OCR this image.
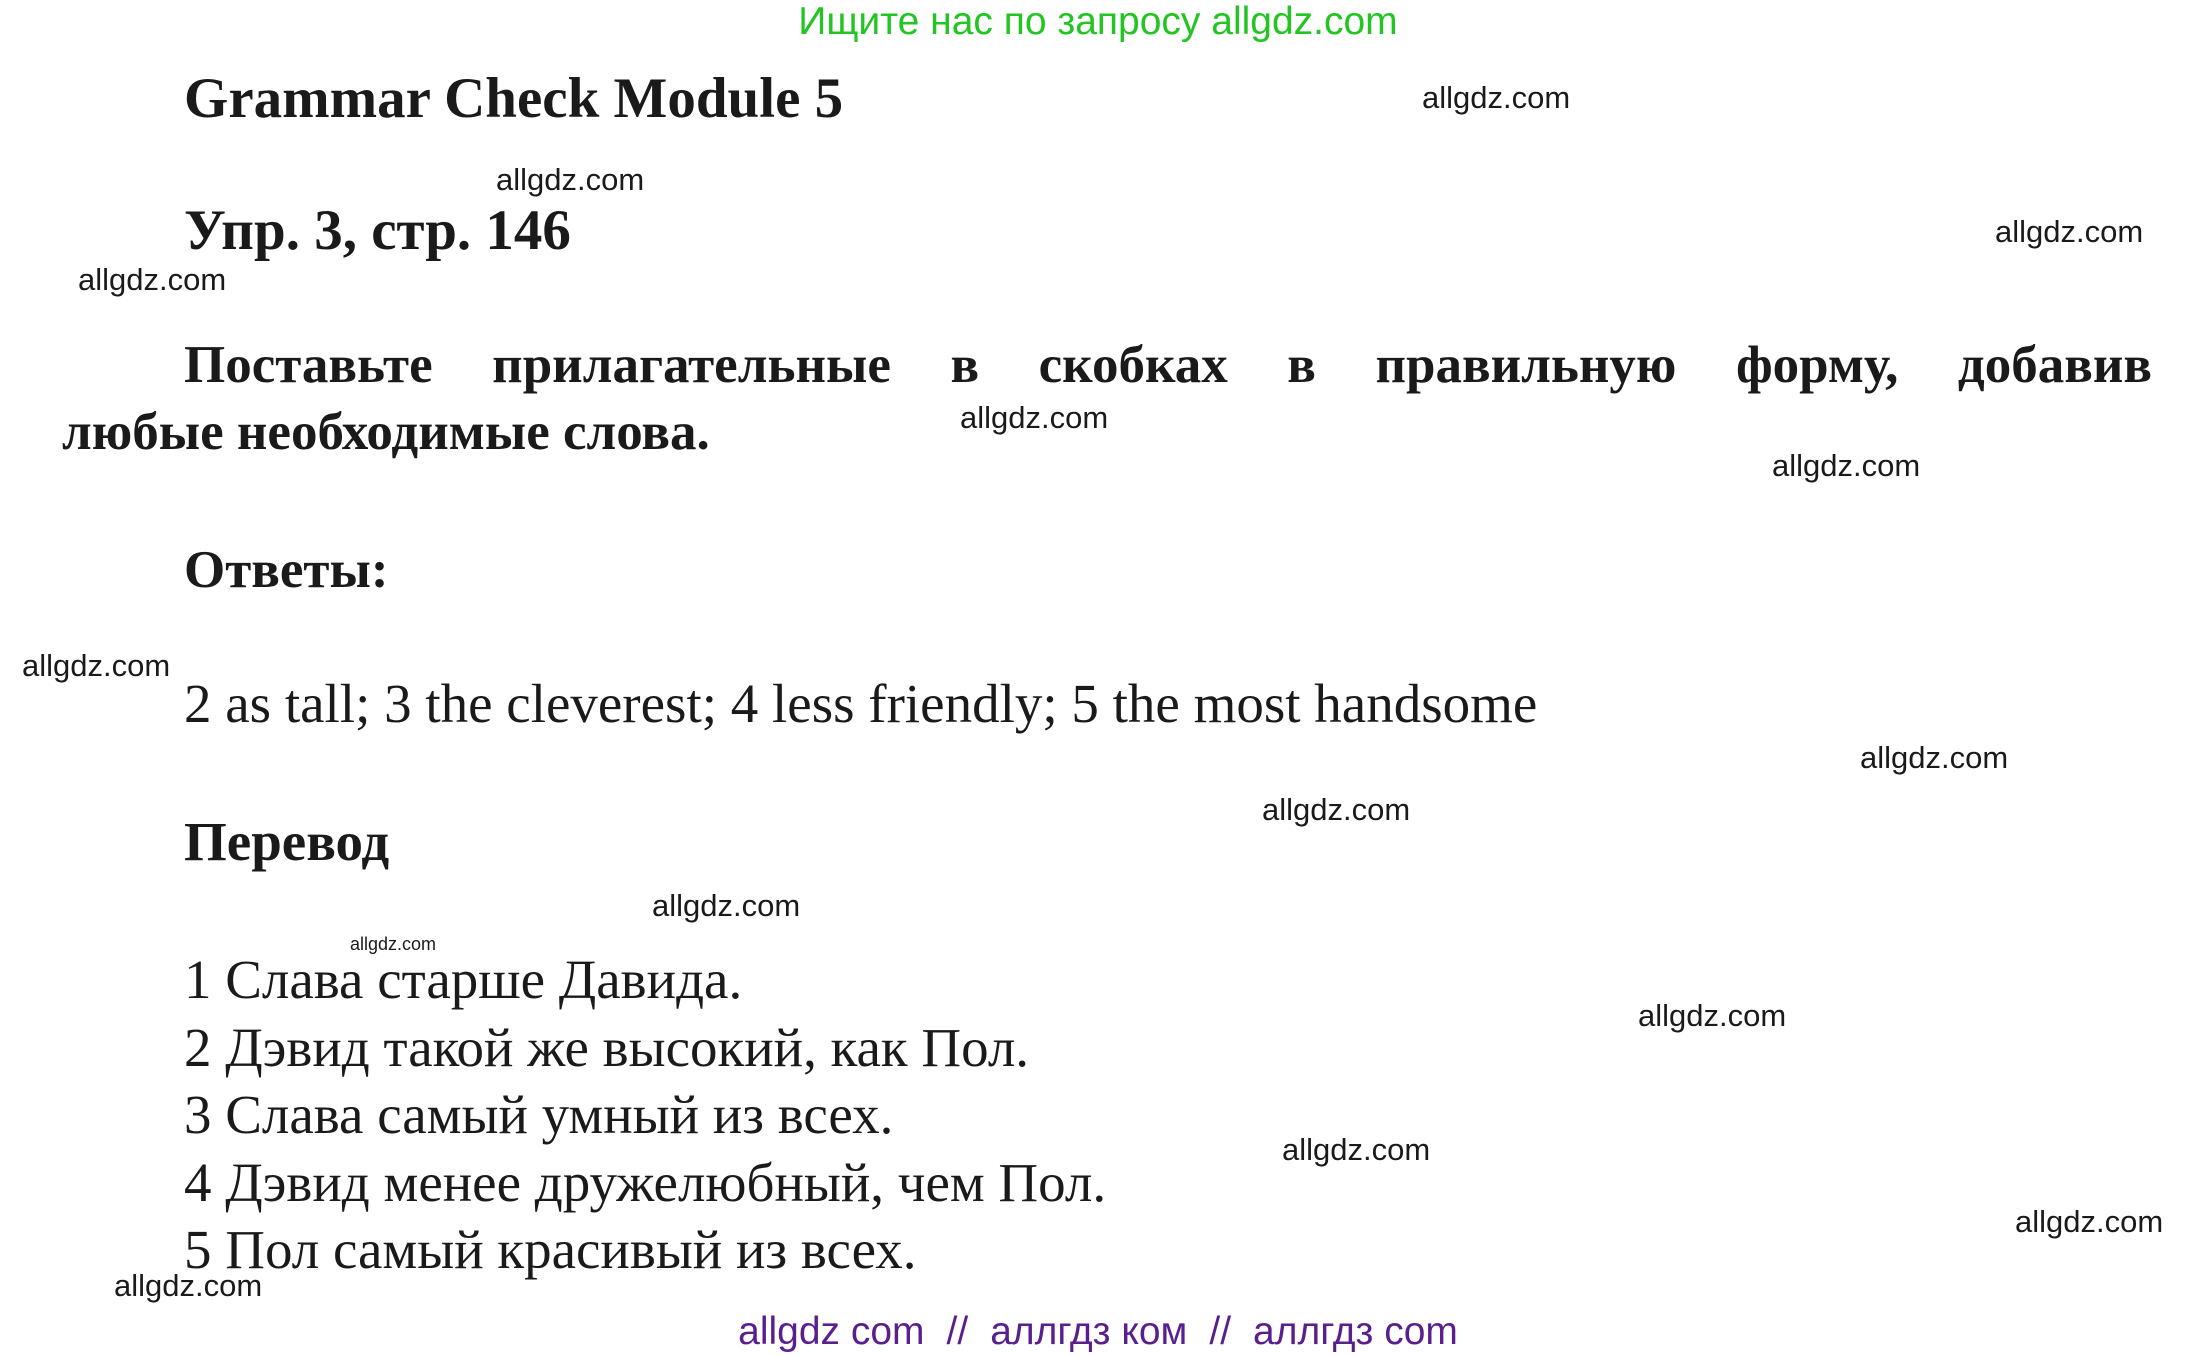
Ищите нас по запросу allgdz.com
Grammar Check Module 5
Упр. 3, стр. 146
Поставьте прилагательные в скобках в правильную форму, добавив
любые необходимые слова.
Ответы:
2 as tall; 3 the cleverest; 4 less friendly; 5 the most handsome
Перевод
1 Слава старше Давида.
2 Дэвид такой же высокий, как Пол.
3 Слава самый умный из всех.
4 Дэвид менее дружелюбный, чем Пол.
5 Пол самый красивый из всех.
allgdz.com
allgdz.com
allgdz.com
allgdz.com
allgdz.com
allgdz.com
allgdz.com
allgdz.com
allgdz.com
allgdz.com
allgdz.com
allgdz.com
allgdz.com
allgdz.com
allgdz.com
allgdz com // аллгдз ком // аллгдз com
